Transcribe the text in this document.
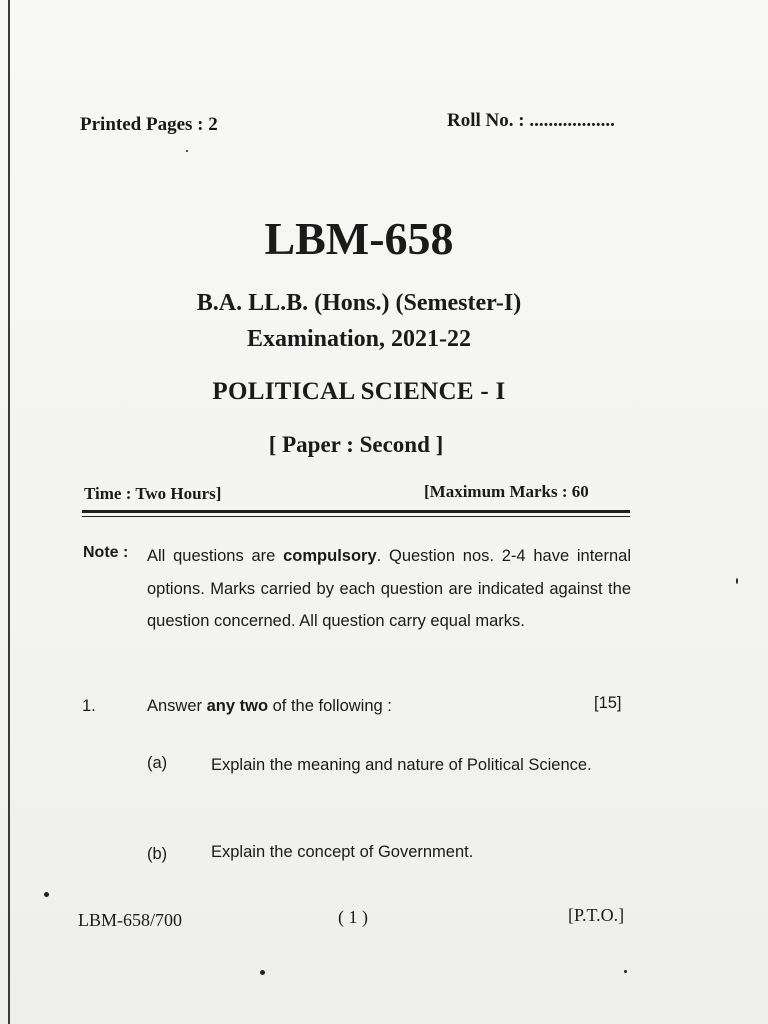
Printed Pages : 2	Roll No. : ..................
LBM-658
B.A. LL.B. (Hons.) (Semester-I)
Examination, 2021-22
POLITICAL SCIENCE - I
[ Paper : Second ]
Time : Two Hours]	[Maximum Marks : 60
Note : All questions are compulsory. Question nos. 2-4 have internal options. Marks carried by each question are indicated against the question concerned. All question carry equal marks.
1.	Answer any two of the following :	[15]
(a)	Explain the meaning and nature of Political Science.
(b)	Explain the concept of Government.
LBM-658/700	( 1 )	[P.T.O.]
